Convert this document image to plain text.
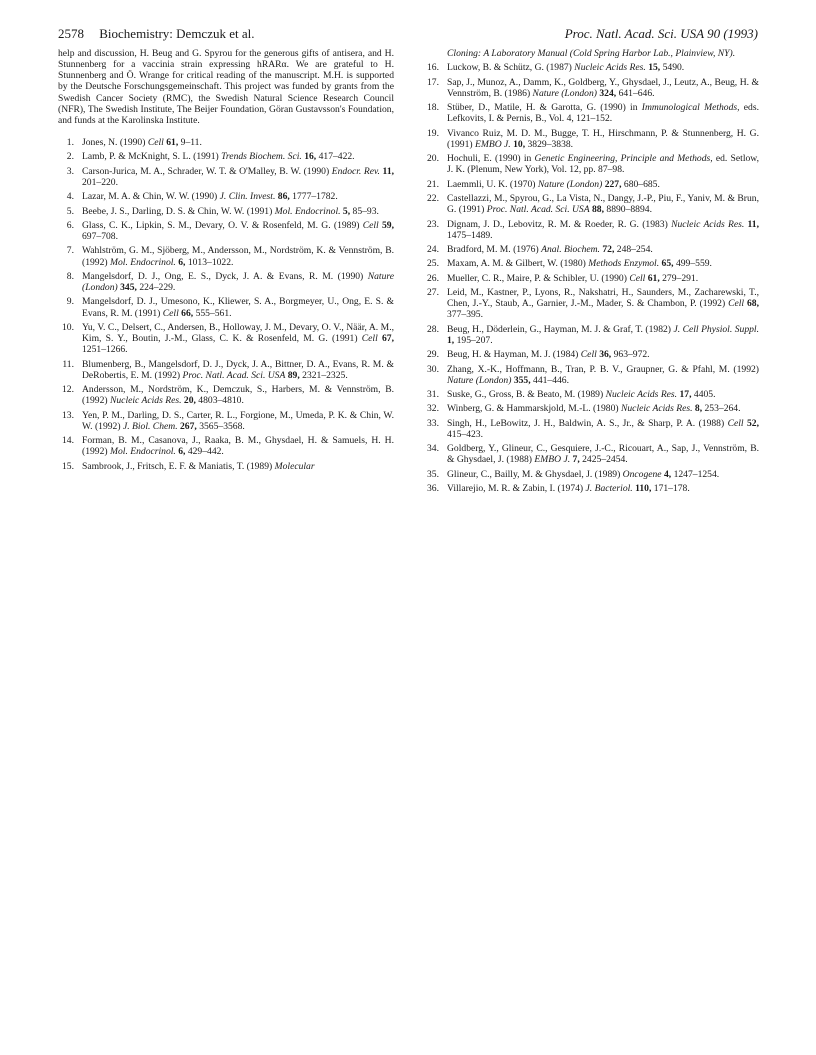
2578 Biochemistry: Demczuk et al.	Proc. Natl. Acad. Sci. USA 90 (1993)

help and discussion, H. Beug and G. Spyrou for the generous gifts of antisera, and H. Stunnenberg for a vaccinia strain expressing hRARα. We are grateful to H. Stunnenberg and Ö. Wrange for critical reading of the manuscript. M.H. is supported by the Deutsche Forschungsgemeinschaft. This project was funded by grants from the Swedish Cancer Society (RMC), the Swedish Natural Science Research Council (NFR), The Swedish Institute, The Beijer Foundation, Göran Gustavsson's Foundation, and funds at the Karolinska Institute.

1. Jones, N. (1990) Cell 61, 9–11.

2. Lamb, P. & McKnight, S. L. (1991) Trends Biochem. Sci. 16, 417–422.

3. Carson-Jurica, M. A., Schrader, W. T. & O'Malley, B. W. (1990) Endocr. Rev. 11, 201–220.

4. Lazar, M. A. & Chin, W. W. (1990) J. Clin. Invest. 86, 1777–1782.

5. Beebe, J. S., Darling, D. S. & Chin, W. W. (1991) Mol. Endocrinol. 5, 85–93.

6. Glass, C. K., Lipkin, S. M., Devary, O. V. & Rosenfeld, M. G. (1989) Cell 59, 697–708.

7. Wahlström, G. M., Sjöberg, M., Andersson, M., Nordström, K. & Vennström, B. (1992) Mol. Endocrinol. 6, 1013–1022.

8. Mangelsdorf, D. J., Ong, E. S., Dyck, J. A. & Evans, R. M. (1990) Nature (London) 345, 224–229.

9. Mangelsdorf, D. J., Umesono, K., Kliewer, S. A., Borgmeyer, U., Ong, E. S. & Evans, R. M. (1991) Cell 66, 555–561.

10. Yu, V. C., Delsert, C., Andersen, B., Holloway, J. M., Devary, O. V., Näär, A. M., Kim, S. Y., Boutin, J.-M., Glass, C. K. & Rosenfeld, M. G. (1991) Cell 67, 1251–1266.

11. Blumenberg, B., Mangelsdorf, D. J., Dyck, J. A., Bittner, D. A., Evans, R. M. & DeRobertis, E. M. (1992) Proc. Natl. Acad. Sci. USA 89, 2321–2325.

12. Andersson, M., Nordström, K., Demczuk, S., Harbers, M. & Vennström, B. (1992) Nucleic Acids Res. 20, 4803–4810.

13. Yen, P. M., Darling, D. S., Carter, R. L., Forgione, M., Umeda, P. K. & Chin, W. W. (1992) J. Biol. Chem. 267, 3565–3568.

14. Forman, B. M., Casanova, J., Raaka, B. M., Ghysdael, H. & Samuels, H. H. (1992) Mol. Endocrinol. 6, 429–442.

15. Sambrook, J., Fritsch, E. F. & Maniatis, T. (1989) Molecular

Cloning: A Laboratory Manual (Cold Spring Harbor Lab., Plainview, NY).

16. Luckow, B. & Schütz, G. (1987) Nucleic Acids Res. 15, 5490.

17. Sap, J., Munoz, A., Damm, K., Goldberg, Y., Ghysdael, J., Leutz, A., Beug, H. & Vennström, B. (1986) Nature (London) 324, 641–646.

18. Stüber, D., Matile, H. & Garotta, G. (1990) in Immunological Methods, eds. Lefkovits, I. & Pernis, B., Vol. 4, 121–152.

19. Vivanco Ruiz, M. D. M., Bugge, T. H., Hirschmann, P. & Stunnenberg, H. G. (1991) EMBO J. 10, 3829–3838.

20. Hochuli, E. (1990) in Genetic Engineering, Principle and Methods, ed. Setlow, J. K. (Plenum, New York), Vol. 12, pp. 87–98.

21. Laemmli, U. K. (1970) Nature (London) 227, 680–685.

22. Castellazzi, M., Spyrou, G., La Vista, N., Dangy, J.-P., Piu, F., Yaniv, M. & Brun, G. (1991) Proc. Natl. Acad. Sci. USA 88, 8890–8894.

23. Dignam, J. D., Lebovitz, R. M. & Roeder, R. G. (1983) Nucleic Acids Res. 11, 1475–1489.

24. Bradford, M. M. (1976) Anal. Biochem. 72, 248–254.

25. Maxam, A. M. & Gilbert, W. (1980) Methods Enzymol. 65, 499–559.

26. Mueller, C. R., Maire, P. & Schibler, U. (1990) Cell 61, 279–291.

27. Leid, M., Kastner, P., Lyons, R., Nakshatri, H., Saunders, M., Zacharewski, T., Chen, J.-Y., Staub, A., Garnier, J.-M., Mader, S. & Chambon, P. (1992) Cell 68, 377–395.

28. Beug, H., Döderlein, G., Hayman, M. J. & Graf, T. (1982) J. Cell Physiol. Suppl. 1, 195–207.

29. Beug, H. & Hayman, M. J. (1984) Cell 36, 963–972.

30. Zhang, X.-K., Hoffmann, B., Tran, P. B. V., Graupner, G. & Pfahl, M. (1992) Nature (London) 355, 441–446.

31. Suske, G., Gross, B. & Beato, M. (1989) Nucleic Acids Res. 17, 4405.

32. Winberg, G. & Hammarskjold, M.-L. (1980) Nucleic Acids Res. 8, 253–264.

33. Singh, H., LeBowitz, J. H., Baldwin, A. S., Jr., & Sharp, P. A. (1988) Cell 52, 415–423.

34. Goldberg, Y., Glineur, C., Gesquiere, J.-C., Ricouart, A., Sap, J., Vennström, B. & Ghysdael, J. (1988) EMBO J. 7, 2425–2454.

35. Glineur, C., Bailly, M. & Ghysdael, J. (1989) Oncogene 4, 1247–1254.

36. Villarejio, M. R. & Zabin, I. (1974) J. Bacteriol. 110, 171–178.
